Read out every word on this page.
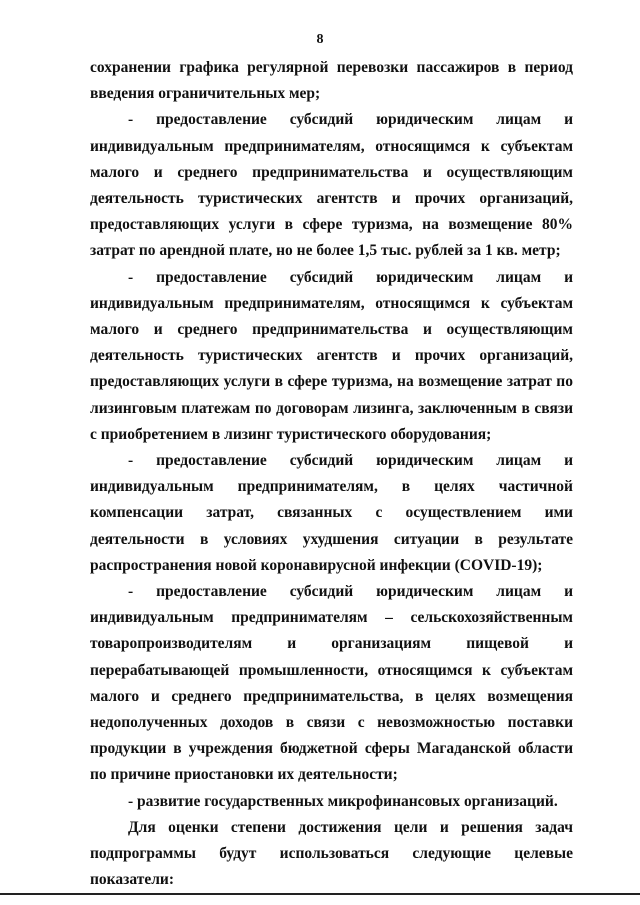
8

сохранении графика регулярной перевозки пассажиров в период введения ограничительных мер;

- предоставление субсидий юридическим лицам и индивидуальным предпринимателям, относящимся к субъектам малого и среднего предпринимательства и осуществляющим деятельность туристических агентств и прочих организаций, предоставляющих услуги в сфере туризма, на возмещение 80% затрат по арендной плате, но не более 1,5 тыс. рублей за 1 кв. метр;

- предоставление субсидий юридическим лицам и индивидуальным предпринимателям, относящимся к субъектам малого и среднего предпринимательства и осуществляющим деятельность туристических агентств и прочих организаций, предоставляющих услуги в сфере туризма, на возмещение затрат по лизинговым платежам по договорам лизинга, заключенным в связи с приобретением в лизинг туристического оборудования;

- предоставление субсидий юридическим лицам и индивидуальным предпринимателям, в целях частичной компенсации затрат, связанных с осуществлением ими деятельности в условиях ухудшения ситуации в результате распространения новой коронавирусной инфекции (COVID-19);

- предоставление субсидий юридическим лицам и индивидуальным предпринимателям – сельскохозяйственным товаропроизводителям и организациям пищевой и перерабатывающей промышленности, относящимся к субъектам малого и среднего предпринимательства, в целях возмещения недополученных доходов в связи с невозможностью поставки продукции в учреждения бюджетной сферы Магаданской области по причине приостановки их деятельности;

- развитие государственных микрофинансовых организаций.

Для оценки степени достижения цели и решения задач подпрограммы будут использоваться следующие целевые показатели:
